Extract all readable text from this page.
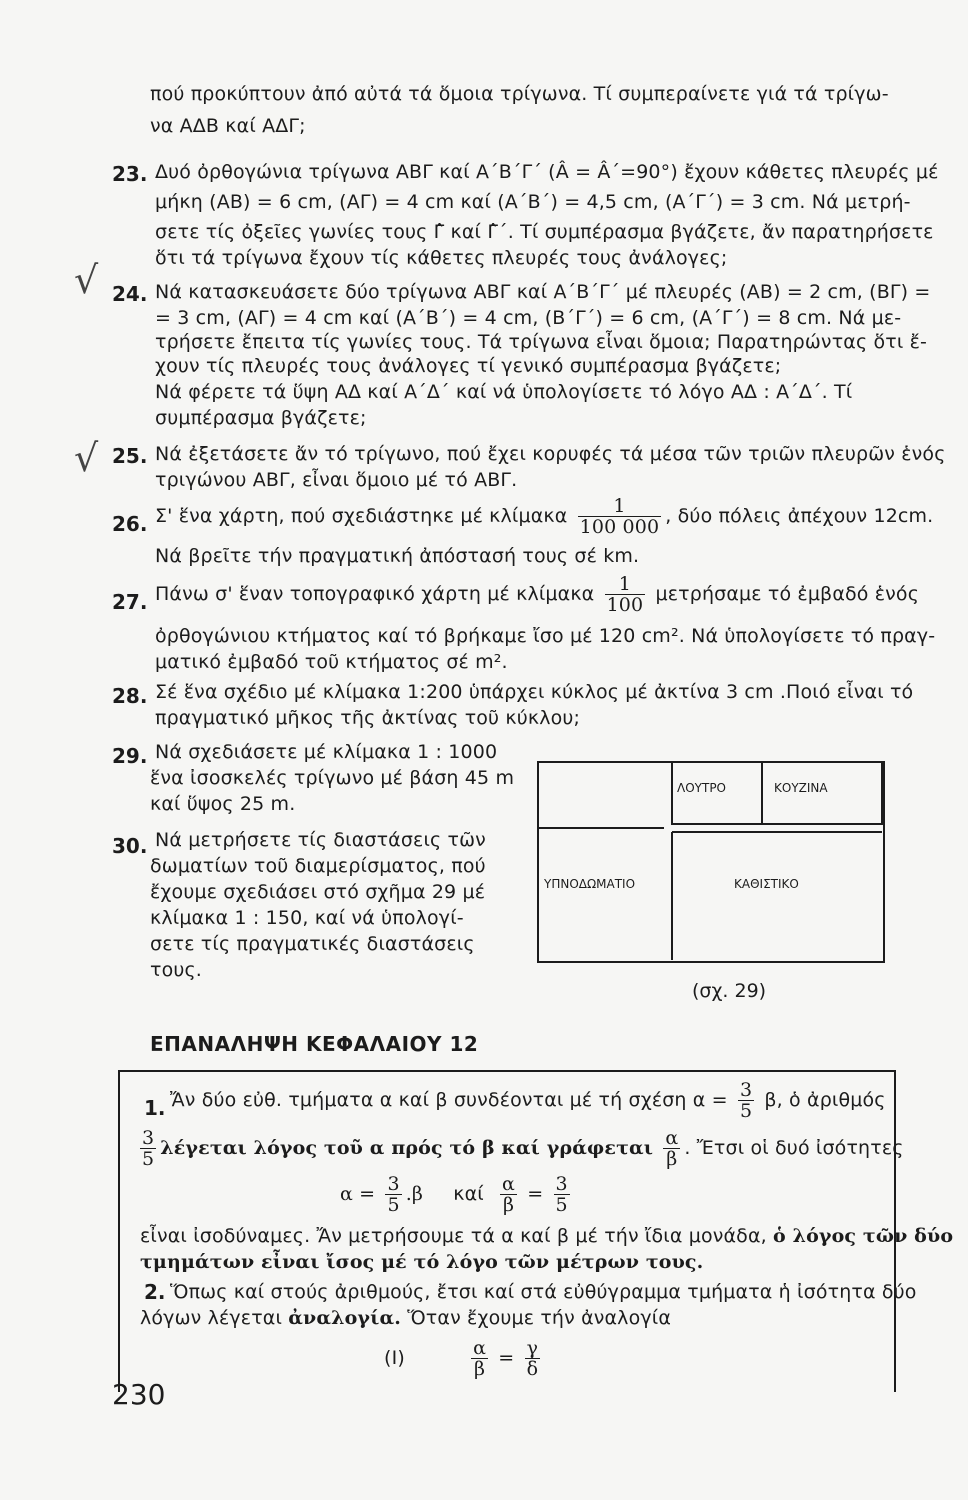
πού προκύπτουν ἀπό αὐτά τά ὅμοια τρίγωνα. Τί συμπεραίνετε γιά τά τρίγω-
να ΑΔΒ καί ΑΔΓ;
23. Δυό ὀρθογώνια τρίγωνα ΑΒΓ καί Α΄Β΄Γ΄ (Â = Â΄=90°) ἔχουν κάθετες πλευρές μέ
μήκη (ΑΒ) = 6 cm, (ΑΓ) = 4 cm καί (Α΄Β΄) = 4,5 cm, (Α΄Γ΄) = 3 cm. Νά μετρή-
σετε τίς ὀξεῖες γωνίες τους Γ̂ καί Γ̂΄. Τί συμπέρασμα βγάζετε, ἄν παρατηρήσετε
ὅτι τά τρίγωνα ἔχουν τίς κάθετες πλευρές τους ἀνάλογες;
√
√
24. Νά κατασκευάσετε δύο τρίγωνα ΑΒΓ καί Α΄Β΄Γ΄ μέ πλευρές (ΑΒ) = 2 cm, (ΒΓ) =
= 3 cm, (ΑΓ) = 4 cm καί (Α΄Β΄) = 4 cm, (Β΄Γ΄) = 6 cm, (Α΄Γ΄) = 8 cm. Νά με-
τρήσετε ἔπειτα τίς γωνίες τους. Τά τρίγωνα εἶναι ὅμοια; Παρατηρώντας ὅτι ἔ-
χουν τίς πλευρές τους ἀνάλογες τί γενικό συμπέρασμα βγάζετε;
Νά φέρετε τά ὕψη ΑΔ καί Α΄Δ΄ καί νά ὑπολογίσετε τό λόγο ΑΔ : Α΄Δ΄. Τί
συμπέρασμα βγάζετε;
25. Νά ἐξετάσετε ἄν τό τρίγωνο, πού ἔχει κορυφές τά μέσα τῶν τριῶν πλευρῶν ἑνός
τριγώνου ΑΒΓ, εἶναι ὅμοιο μέ τό ΑΒΓ.
26. Σ' ἕνα χάρτη, πού σχεδιάστηκε μέ κλίμακα $\frac{1}{100 000}$ , δύο πόλεις ἀπέχουν 12cm.
Νά βρεῖτε τήν πραγματική ἀπόστασή τους σέ km.
27. Πάνω σ' ἕναν τοπογραφικό χάρτη μέ κλίμακα $\frac{1}{100}$ μετρήσαμε τό ἐμβαδό ἑνός
ὀρθογώνιου κτήματος καί τό βρήκαμε ἴσο μέ 120 cm². Νά ὑπολογίσετε τό πραγ-
ματικό ἐμβαδό τοῦ κτήματος σέ m².
28. Σέ ἕνα σχέδιο μέ κλίμακα 1:200 ὑπάρχει κύκλος μέ ἀκτίνα 3 cm .Ποιό εἶναι τό
πραγματικό μῆκος τῆς ἀκτίνας τοῦ κύκλου;
29. Νά σχεδιάσετε μέ κλίμακα 1 : 1000
ἕνα ἰσοσκελές τρίγωνο μέ βάση 45 m
καί ὕψος 25 m.
30. Νά μετρήσετε τίς διαστάσεις τῶν
δωματίων τοῦ διαμερίσματος, πού
ἔχουμε σχεδιάσει στό σχῆμα 29 μέ
κλίμακα 1 : 150, καί νά ὑπολογί-
σετε τίς πραγματικές διαστάσεις
τους.
ΛΟΥΤΡΟ	ΚΟΥΖΙΝΑ
ΥΠΝΟΔΩΜΑΤΙΟ	ΚΑΘΙΣΤΙΚΟ
(σχ. 29)
ΕΠΑΝΑΛΗΨΗ ΚΕΦΑΛΑΙΟΥ 12
1. Ἄν δύο εὐθ. τμήματα α καί β συνδέονται μέ τή σχέση $\alpha = \frac{3}{5} \beta$, ὁ ἀριθμός
$\frac{3}{5}$ λέγεται λόγος τοῦ α πρός τό β καί γράφεται $\frac{\alpha}{\beta}$ . Ἔτσι οἱ δυό ἰσότητες
$\alpha = \frac{3}{5} .\beta$ καί $\frac{\alpha}{\beta} = \frac{3}{5}$
εἶναι ἰσοδύναμες. Ἄν μετρήσουμε τά α καί β μέ τήν ἴδια μονάδα, ὁ λόγος τῶν δύο
τμημάτων εἶναι ἴσος μέ τό λόγο τῶν μέτρων τους.
2. Ὅπως καί στούς ἀριθμούς, ἔτσι καί στά εὐθύγραμμα τμήματα ἡ ἰσότητα δύο
λόγων λέγεται ἀναλογία. Ὅταν ἔχουμε τήν ἀναλογία
(I)	$\frac{\alpha}{\beta} = \frac{\gamma}{\delta}$
230
